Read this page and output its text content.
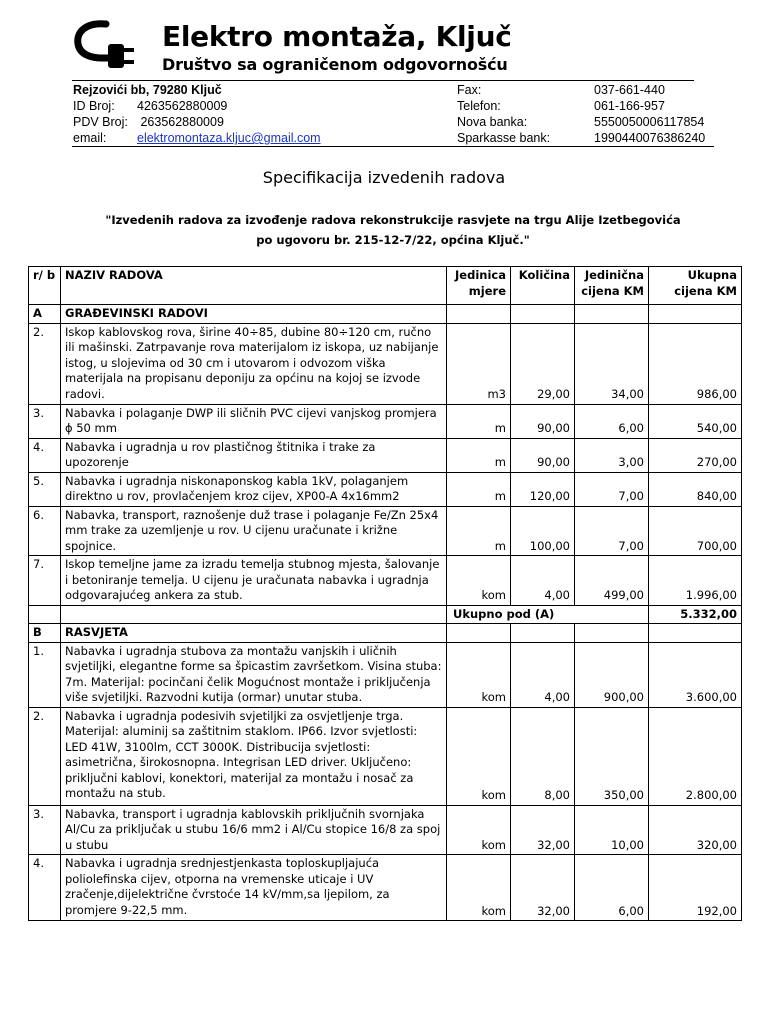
Elektro montaža, Ključ
Društvo sa ograničenom odgovornošću
Rejzovići bb, 79280 Ključ	Fax:	037-661-440
ID Broj: 4263562880009	Telefon:	061-166-957
PDV Broj: 263562880009	Nova banka:	5550050006117854
email: elektromontaza.kljuc@gmail.com	Sparkasse bank:	1990440076386240
Specifikacija izvedenih radova
"Izvedenih radova za izvođenje radova rekonstrukcije rasvjete na trgu Alije Izetbegovića
po ugovoru br. 215-12-7/22, općina Ključ."
r/ b	NAZIV RADOVA	Jedinica mjere	Količina	Jedinična cijena KM	Ukupna cijena KM
A	GRAĐEVINSKI RADOVI				
2.	Iskop kablovskog rova, širine 40÷85, dubine 80÷120 cm, ručno ili mašinski. Zatrpavanje rova materijalom iz iskopa, uz nabijanje istog, u slojevima od 30 cm i utovarom i odvozom viška materijala na propisanu deponiju za općinu na kojoj se izvode radovi.	m3	29,00	34,00	986,00
3.	Nabavka i polaganje DWP ili sličnih PVC cijevi vanjskog promjera ϕ 50 mm	m	90,00	6,00	540,00
4.	Nabavka i ugradnja u rov plastičnog štitnika i trake za upozorenje	m	90,00	3,00	270,00
5.	Nabavka i ugradnja niskonaponskog kabla 1kV, polaganjem direktno u rov, provlačenjem kroz cijev, XP00-A 4x16mm2	m	120,00	7,00	840,00
6.	Nabavka, transport, raznošenje duž trase i polaganje Fe/Zn 25x4 mm trake za uzemljenje u rov. U cijenu uračunate i križne spojnice.	m	100,00	7,00	700,00
7.	Iskop temeljne jame za izradu temelja stubnog mjesta, šalovanje i betoniranje temelja. U cijenu je uračunata nabavka i ugradnja odgovarajućeg ankera za stub.	kom	4,00	499,00	1.996,00
		Ukupno pod (A)			5.332,00
B	RASVJETA				
1.	Nabavka i ugradnja stubova za montažu vanjskih i uličnih svjetiljki, elegantne forme sa špicastim završetkom. Visina stuba: 7m. Materijal: pocinčani čelik Mogućnost montaže i priključenja više svjetiljki. Razvodni kutija (ormar) unutar stuba.	kom	4,00	900,00	3.600,00
2.	Nabavka i ugradnja podesivih svjetiljki za osvjetljenje trga. Materijal: aluminij sa zaštitnim staklom. IP66. Izvor svjetlosti: LED 41W, 3100lm, CCT 3000K. Distribucija svjetlosti: asimetrična, širokosnopna. Integrisan LED driver. Uključeno: priključni kablovi, konektori, materijal za montažu i nosač za montažu na stub.	kom	8,00	350,00	2.800,00
3.	Nabavka, transport i ugradnja kablovskih priključnih svornjaka Al/Cu za priključak u stubu 16/6 mm2 i Al/Cu stopice 16/8 za spoj u stubu	kom	32,00	10,00	320,00
4.	Nabavka i ugradnja srednjestjenkasta toploskupljajuća poliolefinska cijev, otporna na vremenske uticaje i UV zračenje,dijelektrične čvrstoće 14 kV/mm,sa ljepilom, za promjere 9-22,5 mm.	kom	32,00	6,00	192,00
